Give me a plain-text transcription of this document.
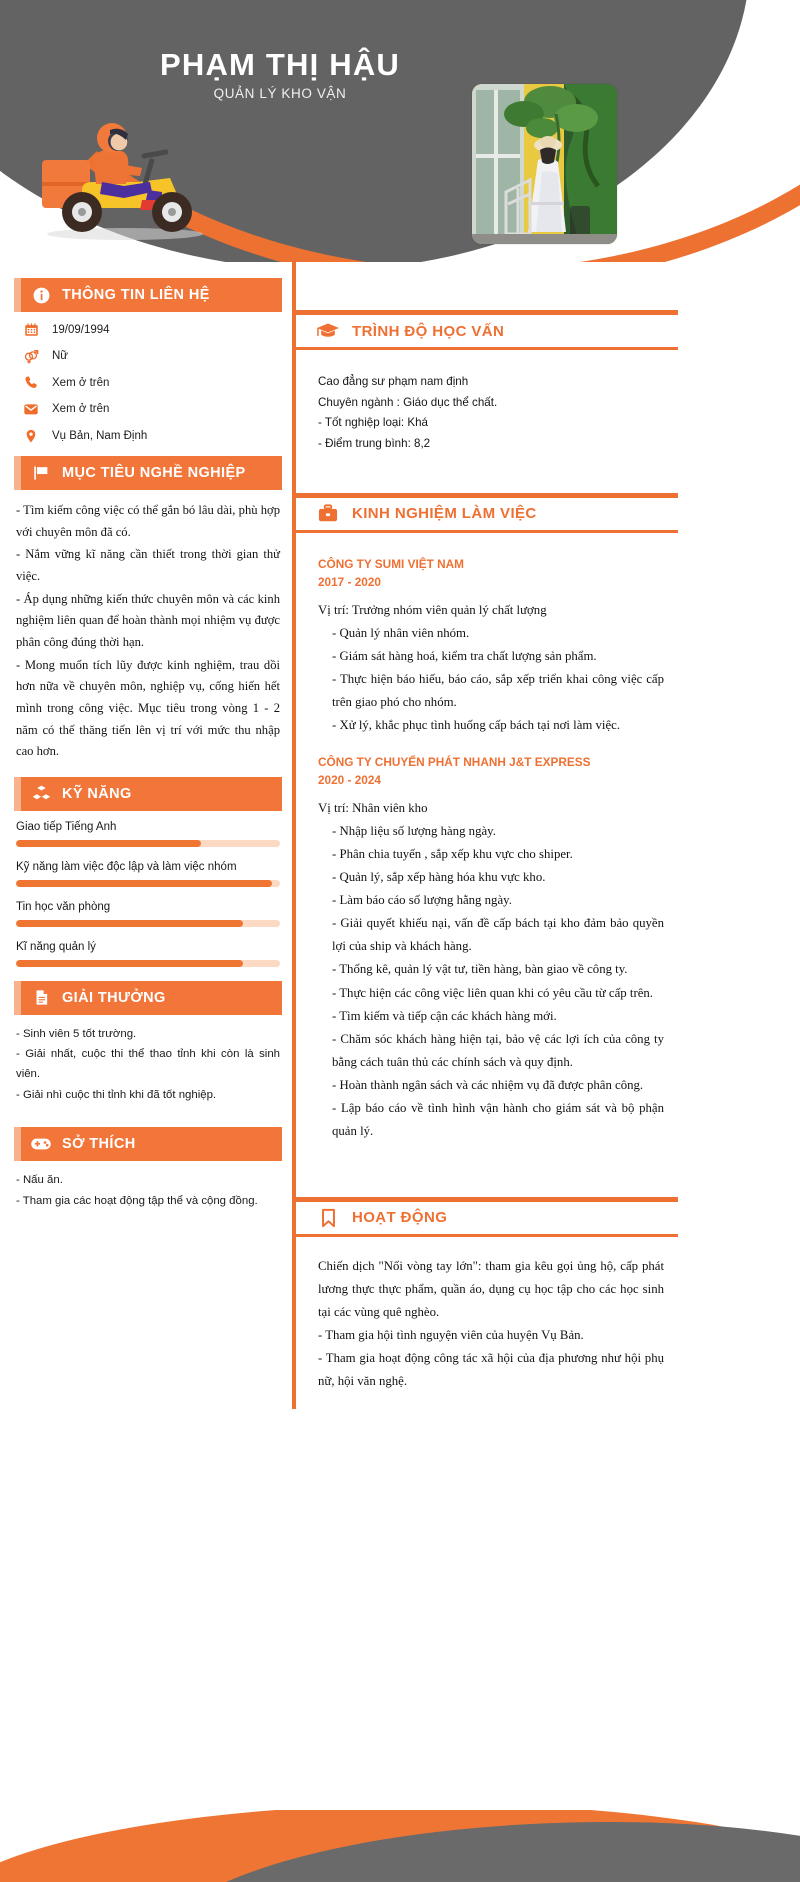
PHẠM THỊ HẬU
QUẢN LÝ KHO VẬN
THÔNG TIN LIÊN HỆ
19/09/1994
Nữ
Xem ở trên
Xem ở trên
Vụ Bản, Nam Định
MỤC TIÊU NGHỀ NGHIỆP

- Tìm kiếm công việc có thể gắn bó lâu dài, phù hợp với chuyên môn đã có.

- Nắm vững kĩ năng cần thiết trong thời gian thử việc.

- Áp dụng những kiến thức chuyên môn và các kinh nghiệm liên quan để hoàn thành mọi nhiệm vụ được phân công đúng thời hạn.

- Mong muốn tích lũy được kinh nghiệm, trau dồi hơn nữa về chuyên môn, nghiệp vụ, cống hiến hết mình trong công việc. Mục tiêu trong vòng 1 - 2 năm có thể thăng tiến lên vị trí với mức thu nhập cao hơn.

KỸ NĂNG
Giao tiếp Tiếng Anh
Kỹ năng làm việc độc lập và làm việc nhóm
Tin học văn phòng
Kĩ năng quản lý
GIẢI THƯỞNG

- Sinh viên 5 tốt trường.

- Giải nhất, cuộc thi thể thao tỉnh khi còn là sinh viên.

- Giải nhì cuộc thi tỉnh khi đã tốt nghiệp.

SỞ THÍCH

- Nấu ăn.

- Tham gia các hoạt động tập thể và cộng đồng.

TRÌNH ĐỘ HỌC VẤN
Cao đẳng sư phạm nam định
Chuyên ngành : Giáo dục thể chất.
- Tốt nghiệp loại: Khá
- Điểm trung bình: 8,2
KINH NGHIỆM LÀM VIỆC
CÔNG TY SUMI VIỆT NAM
2017 - 2020
Vị trí: Trưởng nhóm viên quản lý chất lượng
- Quản lý nhân viên nhóm.
- Giám sát hàng hoá, kiểm tra chất lượng sản phẩm.
- Thực hiện báo hiếu, báo cáo, sắp xếp triển khai công việc cấp trên giao phó cho nhóm.
- Xử lý, khắc phục tình huống cấp bách tại nơi làm việc.
CÔNG TY CHUYỂN PHÁT NHANH J&T EXPRESS
2020 - 2024
Vị trí: Nhân viên kho
- Nhập liệu số lượng hàng ngày.
- Phân chia tuyến , sắp xếp khu vực cho shiper.
- Quản lý, sắp xếp hàng hóa khu vực kho.
- Làm báo cáo số lượng hằng ngày.
- Giải quyết khiếu nại, vấn đề cấp bách tại kho đảm bảo quyền lợi của ship và khách hàng.
- Thống kê, quản lý vật tư, tiền hàng, bàn giao về công ty.
- Thực hiện các công việc liên quan khi có yêu cầu từ cấp trên.
- Tìm kiếm và tiếp cận các khách hàng mới.
- Chăm sóc khách hàng hiện tại, bảo vệ các lợi ích của công ty bằng cách tuân thủ các chính sách và quy định.
- Hoàn thành ngân sách và các nhiệm vụ đã được phân công.
- Lập báo cáo về tình hình vận hành cho giám sát và bộ phận quản lý.
HOẠT ĐỘNG
Chiến dịch "Nối vòng tay lớn": tham gia kêu gọi ủng hộ, cấp phát lương thực thực phẩm, quần áo, dụng cụ học tập cho các học sinh tại các vùng quê nghèo.
- Tham gia hội tình nguyện viên của huyện Vụ Bản.
- Tham gia hoạt động công tác xã hội của địa phương như hội phụ nữ, hội văn nghệ.
